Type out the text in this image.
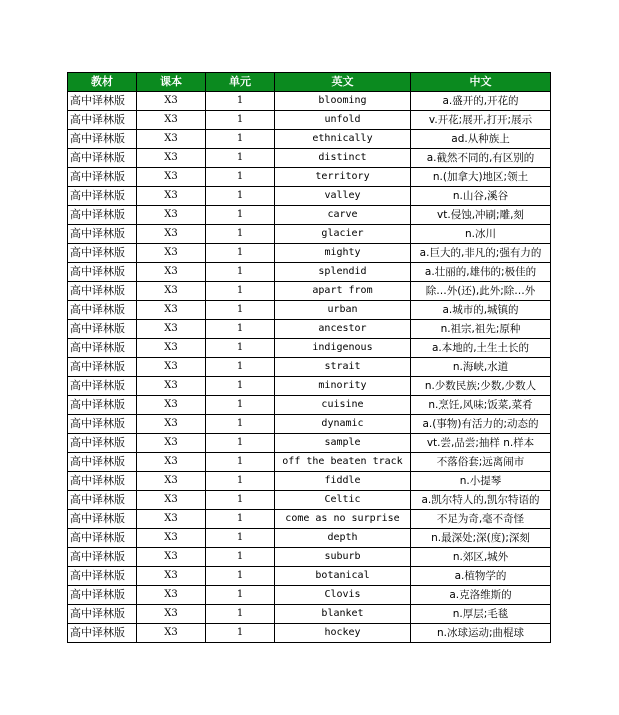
教材	课本	单元	英文	中文
高中译林版	X3	1	blooming	a.盛开的,开花的
高中译林版	X3	1	unfold	v.开花;展开,打开;展示
高中译林版	X3	1	ethnically	ad.从种族上
高中译林版	X3	1	distinct	a.截然不同的,有区别的
高中译林版	X3	1	territory	n.(加拿大)地区;领土
高中译林版	X3	1	valley	n.山谷,溪谷
高中译林版	X3	1	carve	vt.侵蚀,冲刷;雕,刻
高中译林版	X3	1	glacier	n.冰川
高中译林版	X3	1	mighty	a.巨大的,非凡的;强有力的
高中译林版	X3	1	splendid	a.壮丽的,雄伟的;极佳的
高中译林版	X3	1	apart from	除…外(还),此外;除…外
高中译林版	X3	1	urban	a.城市的,城镇的
高中译林版	X3	1	ancestor	n.祖宗,祖先;原种
高中译林版	X3	1	indigenous	a.本地的,土生土长的
高中译林版	X3	1	strait	n.海峡,水道
高中译林版	X3	1	minority	n.少数民族;少数,少数人
高中译林版	X3	1	cuisine	n.烹饪,风味;饭菜,菜肴
高中译林版	X3	1	dynamic	a.(事物)有活力的;动态的
高中译林版	X3	1	sample	vt.尝,品尝;抽样 n.样本
高中译林版	X3	1	off the beaten track	不落俗套;远离闹市
高中译林版	X3	1	fiddle	n.小提琴
高中译林版	X3	1	Celtic	a.凯尔特人的,凯尔特语的
高中译林版	X3	1	come as no surprise	不足为奇,毫不奇怪
高中译林版	X3	1	depth	n.最深处;深(度);深刻
高中译林版	X3	1	suburb	n.郊区,城外
高中译林版	X3	1	botanical	a.植物学的
高中译林版	X3	1	Clovis	a.克洛维斯的
高中译林版	X3	1	blanket	n.厚层;毛毯
高中译林版	X3	1	hockey	n.冰球运动;曲棍球
